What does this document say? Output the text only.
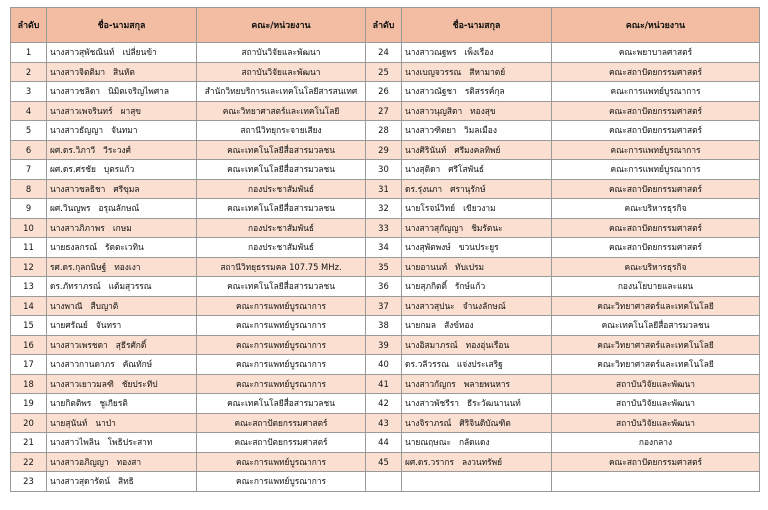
ลำดับ	ชื่อ-นามสกุล	คณะ/หน่วยงาน	ลำดับ	ชื่อ-นามสกุล	คณะ/หน่วยงาน
1	นางสาวสุพัชณินท์ เปลี่ยนข้า	สถาบันวิจัยและพัฒนา	24	นางสาวณฐพร เพ็งเรือง	คณะพยาบาลศาสตร์
2	นางสาวจิตติมา สินหัต	สถาบันวิจัยและพัฒนา	25	นางเบญจวรรณ สีหามาตย์	คณะสถาปัตยกรรมศาสตร์
3	นางสาวชลิดา นิมิตเจริญไพศาล	สำนักวิทยบริการและเทคโนโลยีสารสนเทศ	26	นางสาวณัฐชา รติสรรค์กุล	คณะการแพทย์บูรณาการ
4	นางสาวเพจรินทร์ ผาสุข	คณะวิทยาศาสตร์และเทคโนโลยี	27	นางสาวนุญสิตา ทองสุข	คณะสถาปัตยกรรมศาสตร์
5	นางสาวธัญญา จันทมา	สถานีวิทยุกระจายเสียง	28	นางสาวฑิตยา วิมลเมือง	คณะสถาปัตยกรรมศาสตร์
6	ผศ.ดร.วิภาวี วีระวงศ์	คณะเทคโนโลยีสื่อสารมวลชน	29	นางศิรินันท์ ศรีมงคลทิพย์	คณะการแพทย์บูรณาการ
7	ผศ.ดร.ศรชัย บุตรแก้ว	คณะเทคโนโลยีสื่อสารมวลชน	30	นางสุติดา ศรีโสพันธ์	คณะการแพทย์บูรณาการ
8	นางสาวชลธิชา ศรีขุมล	กองประชาสัมพันธ์	31	ดร.รุ่งนภา ศรานุรักษ์	คณะสถาปัตยกรรมศาสตร์
9	ผศ.วินญพร อรุณลักษณ์	คณะเทคโนโลยีสื่อสารมวลชน	32	นายโรจน์วิทย์ เขียวงาม	คณะบริหารธุรกิจ
10	นางสาวภิภาพร เกษม	กองประชาสัมพันธ์	33	นางสาวสุกัญญา ชิมรัตนะ	คณะสถาปัตยกรรมศาสตร์
11	นายธงลกรณ์ รัตตะเวทิน	กองประชาสัมพันธ์	34	นางสุพัตพงษ์ ขวนประยูร	คณะสถาปัตยกรรมศาสตร์
12	รศ.ดร.กุลกนิษฐ์ ทองเงา	สถานีวิทยุธรรมคล 107.75 MHz.	35	นายอานนท์ ทับเปรม	คณะบริหารธุรกิจ
13	ดร.ภัทราภรณ์ แต้มสุวรรณ	คณะเทคโนโลยีสื่อสารมวลชน	36	นายสุภกิตติ์ รักษ์แก้ว	กองนโยบายและแผน
14	นางพาณี สืบญาติ	คณะการแพทย์บูรณาการ	37	นางสาวสุปนะ จำนงลักษณ์	คณะวิทยาศาสตร์และเทคโนโลยี
15	นายศรัณย์ จันทรา	คณะการแพทย์บูรณาการ	38	นายกมล สังข์ทอง	คณะเทคโนโลยีสื่อสารมวลชน
16	นางสาวเพรชดา สุธีรศักดิ์	คณะการแพทย์บูรณาการ	39	นางอิสมาภรณ์ ทองอุ่นเรือน	คณะวิทยาศาสตร์และเทคโนโลยี
17	นางสาวกานดาภร คัณทักษ์	คณะการแพทย์บูรณาการ	40	ดร.วลีวรรณ แจ่งประเสริฐ	คณะวิทยาศาสตร์และเทคโนโลยี
18	นางสาวเยาวมลฑิ ชัยประทีป	คณะการแพทย์บูรณาการ	41	นางสาวกัญกร พลายพนหาร	สถาบันวิจัยและพัฒนา
19	นายกิตติพร ชูเกียรติ	คณะเทคโนโลยีสื่อสารมวลชน	42	นางสาวพัชรีรา ธีระวัฒนานนท์	สถาบันวิจัยและพัฒนา
20	นายสุนันท์ นาป่า	คณะสถาปัตยกรรมศาสตร์	43	นางจิราภรณ์ ศิริจินดิบัณฑิต	สถาบันวิจัยและพัฒนา
21	นางสาวไพลิน โพธิประสาท	คณะสถาปัตยกรรมศาสตร์	44	นายณฤษณะ กลัดแดง	กองกลาง
22	นางสาวอภิญญา ทองสา	คณะการแพทย์บูรณาการ	45	ผศ.ดร.วรากร ลงวนทรัพย์	คณะสถาปัตยกรรมศาสตร์
23	นางสาวสุดารัตน์ สิทธิ	คณะการแพทย์บูรณาการ			
